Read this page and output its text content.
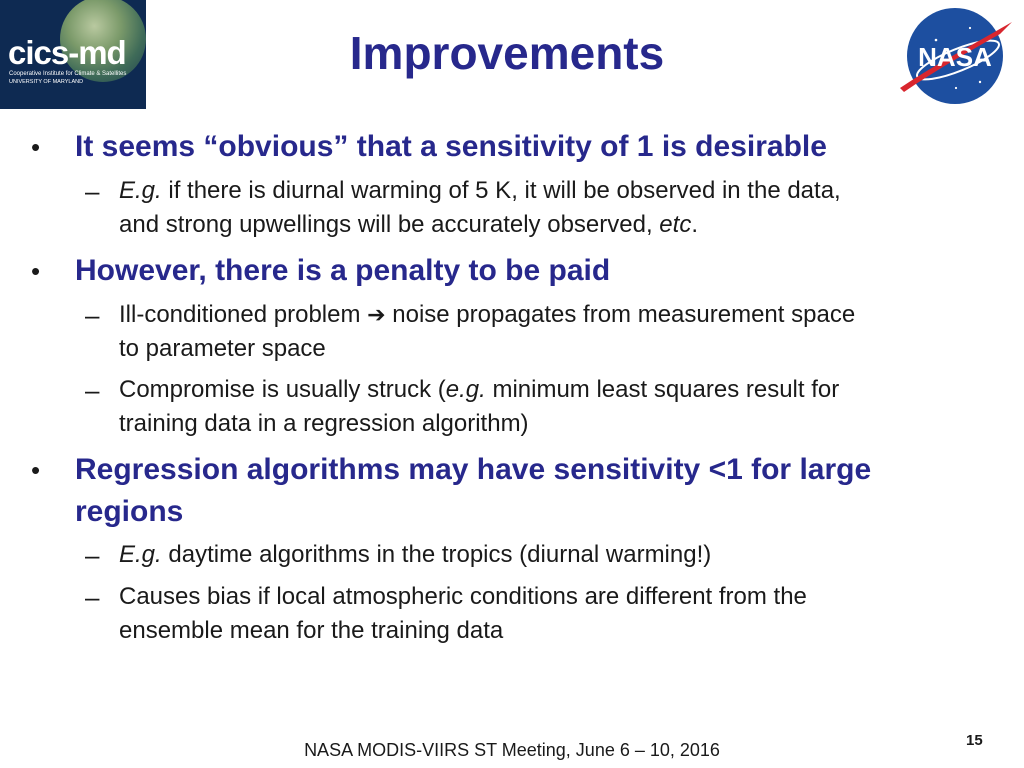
cics-md
Cooperative Institute for Climate & Satellites
UNIVERSITY OF MARYLAND
Improvements	NASA
• It seems “obvious” that a sensitivity of 1 is desirable
– E.g. if there is diurnal warming of 5 K, it will be observed in the data,
and strong upwellings will be accurately observed, etc.
• However, there is a penalty to be paid
– Ill-conditioned problem ➔ noise propagates from measurement space
to parameter space
– Compromise is usually struck (e.g. minimum least squares result for
training data in a regression algorithm)
• Regression algorithms may have sensitivity <1 for large
regions
– E.g. daytime algorithms in the tropics (diurnal warming!)
– Causes bias if local atmospheric conditions are different from the
ensemble mean for the training data
NASA MODIS-VIIRS ST Meeting, June 6 – 10, 2016	15
